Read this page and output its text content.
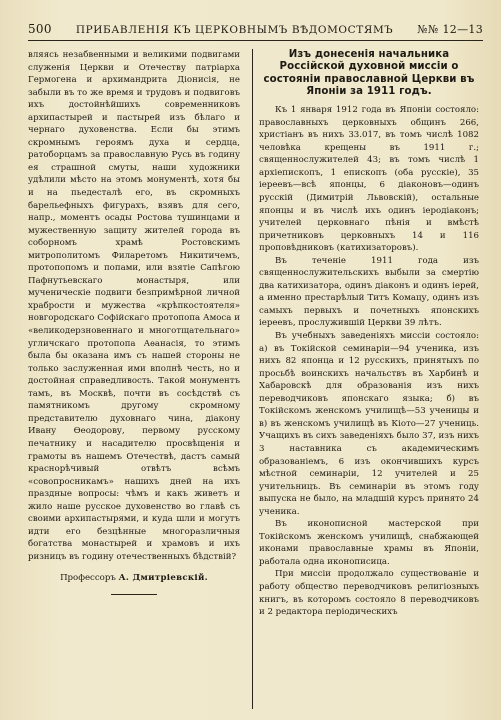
500 ПРИБАВЛЕНІЯ КЪ ЦЕРКОВНЫМЪ ВѢДОМОСТЯМЪ №№ 12—13

вляясь незабвенными и великими подвигами служенія Церкви и Отечеству патріарха Гермогена и архимандрита Діонисія, не забыли въ то же время и трудовъ и подвиговъ ихъ достойнѣйшихъ современниковъ архипастырей и пастырей изъ бѣлаго и чернаго духовенства. Если бы этимъ скромнымъ героямъ духа и сердца, ратоборцамъ за православную Русь въ годину ея страшной смуты, наши художники удѣлили мѣсто на этомъ монументѣ, хотя бы и на пьедесталѣ его, въ скромныхъ барельефныхъ фигурахъ, взявъ для сего, напр., моментъ осады Ростова тушинцами и мужественную защиту жителей города въ соборномъ храмѣ Ростовскимъ митрополитомъ Филаретомъ Никитичемъ, протопопомъ и попами, или взятіе Сапѣгою Пафнутьевскаго монастыря, или мученическіе подвиги безпримѣрной личной храбрости и мужества «крѣпкостоятеля» новгородскаго Софійскаго протопопа Амоса и «великодерзновеннаго и многотщательнаго» угличскаго протопопа Аѳанасія, то этимъ была бы оказана имъ съ нашей стороны не только заслуженная ими вполнѣ честь, но и достойная справедливость. Такой монументъ тамъ, въ Москвѣ, почти въ сосѣдствѣ съ памятникомъ другому скромному представителю духовнаго чина, діакону Ивану Ѳеодорову, первому русскому печатнику и насадителю просвѣщенія и грамоты въ нашемъ Отечествѣ, дастъ самый краснорѣчивый отвѣтъ всѣмъ «совопросникамъ» нашихъ дней на ихъ праздные вопросы: чѣмъ и какъ живетъ и жило наше русское духовенство во главѣ съ своими архипастырями, и куда шли и могутъ идти его безцѣнные многоразличныя богатства монастырей и храмовъ и ихъ ризницъ въ годину отечественныхъ бѣдствій?

Профессоръ А. Дмитріевскій.
Изъ донесенія начальника Россійской духовной миссіи о состояніи православной Церкви въ Японіи за 1911 годъ.

Къ 1 января 1912 года въ Японіи состояло: православныхъ церковныхъ общинъ 266, христіанъ въ нихъ 33.017, въ томъ числѣ 1082 человѣка крещены въ 1911 г.; священнослужителей 43; въ томъ числѣ 1 архіепископъ, 1 епископъ (оба русскіе), 35 іереевъ—всѣ японцы, 6 діаконовъ—одинъ русскій (Димитрій Львовскій), остальные японцы и въ числѣ ихъ одинъ іеродіаконъ; учителей церковнаго пѣнія и вмѣстѣ причетниковъ церковныхъ 14 и 116 проповѣдниковъ (катихизаторовъ).

Въ теченіе 1911 года изъ священнослужительскихъ выбыли за смертію два катихизатора, одинъ діаконъ и одинъ іерей, а именно престарѣлый Титъ Комацу, одинъ изъ самыхъ первыхъ и почетныхъ японскихъ іереевъ, прослужившій Церкви 39 лѣтъ.

Въ учебныхъ заведеніяхъ миссіи состояло: а) въ Токійской семинаріи—94 ученика, изъ нихъ 82 японца и 12 русскихъ, принятыхъ по просьбѣ воинскихъ начальствъ въ Харбинѣ и Хабаровскѣ для образованія изъ нихъ переводчиковъ японскаго языка; б) въ Токійскомъ женскомъ училищѣ—53 ученицы и в) въ женскомъ училищѣ въ Кіото—27 учениць. Учащихъ въ сихъ заведеніяхъ было 37, изъ нихъ 3 наставника съ академическимъ образованіемъ, 6 изъ окончившихъ курсъ мѣстной семинаріи, 12 учителей и 25 учительницъ. Въ семинаріи въ этомъ году выпуска не было, на младшій курсъ принято 24 ученика.

Въ иконописной мастерской при Токійскомъ женскомъ училищѣ, снабжающей иконами православные храмы въ Японіи, работала одна иконописица.

При миссіи продолжало существованіе и работу общество переводчиковъ религіозныхъ книгъ, въ которомъ состояло 8 переводчиковъ и 2 редактора періодическихъ
